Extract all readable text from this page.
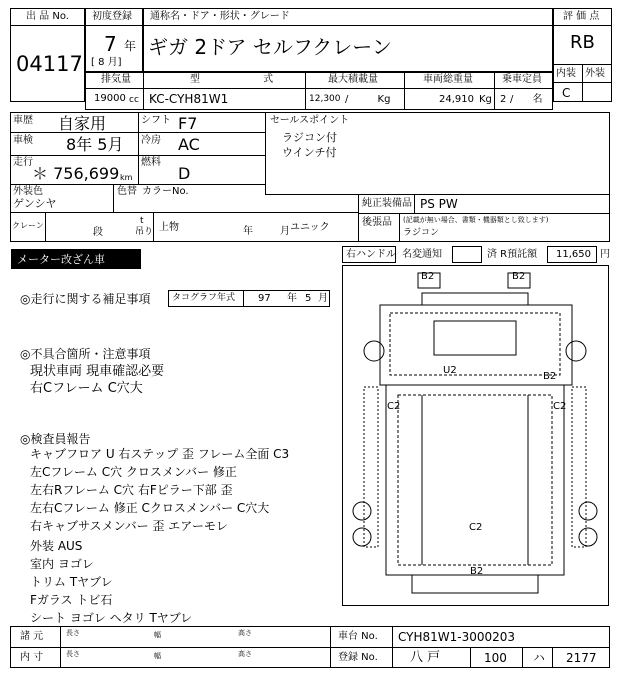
出 品 No.
04117
初度登録
7 年
[ 8 月]
通称名・ドア・形状・グレード
ギガ 2ドア セルフクレーン
評 価 点
RB
内装 外装
C
排気量	型 式 最大積載量	車両総重量	乗車定員
19000 cc KC-CYH81W1	12,300 / Kg	24,910 Kg 2 / 名
車歴 自家用	シフト F7
車検 8年 5月 冷房 AC
走行
＊ 756,699 km
燃料
D
外装色
ゲンシヤ
色替 カラーNo.
セールスポイント
ラジコン付
ウインチ付
純正装備品 PS PW
後張品 (記載が無い場合、書類・機器類とし致します)
ラジコン
クレーン
段
t
吊り 上物	年	月 ユニック
メーター改ざん車	右ハンドル 名変通知	済 R預託額 11,650 円
◎走行に関する補足事項 タコグラフ年式 97 年 5 月
◎不具合箇所・注意事項
現状車両 現車確認必要
右Cフレーム C穴大
◎検査員報告
キャブフロア U 右ステップ 歪 フレーム全面 C3
左Cフレーム C穴 クロスメンバー 修正
左右Rフレーム C穴 右Fピラー下部 歪
左右Cフレーム 修正 Cクロスメンバー C穴大
右キャブサスメンバー 歪 エアーモレ
外装 AUS
室内 ヨゴレ
トリム Tヤブレ
Fガラス トビ石
シート ヨゴレ ヘタリ Tヤブレ
B2	B2
U2
B2
C2	C2
C2
B2
諸 元	長さ	幅	高さ
内 寸	長さ	幅	高さ
車台 No. CYH81W1-3000203
登録 No. 八 戸	100 ハ 2177
